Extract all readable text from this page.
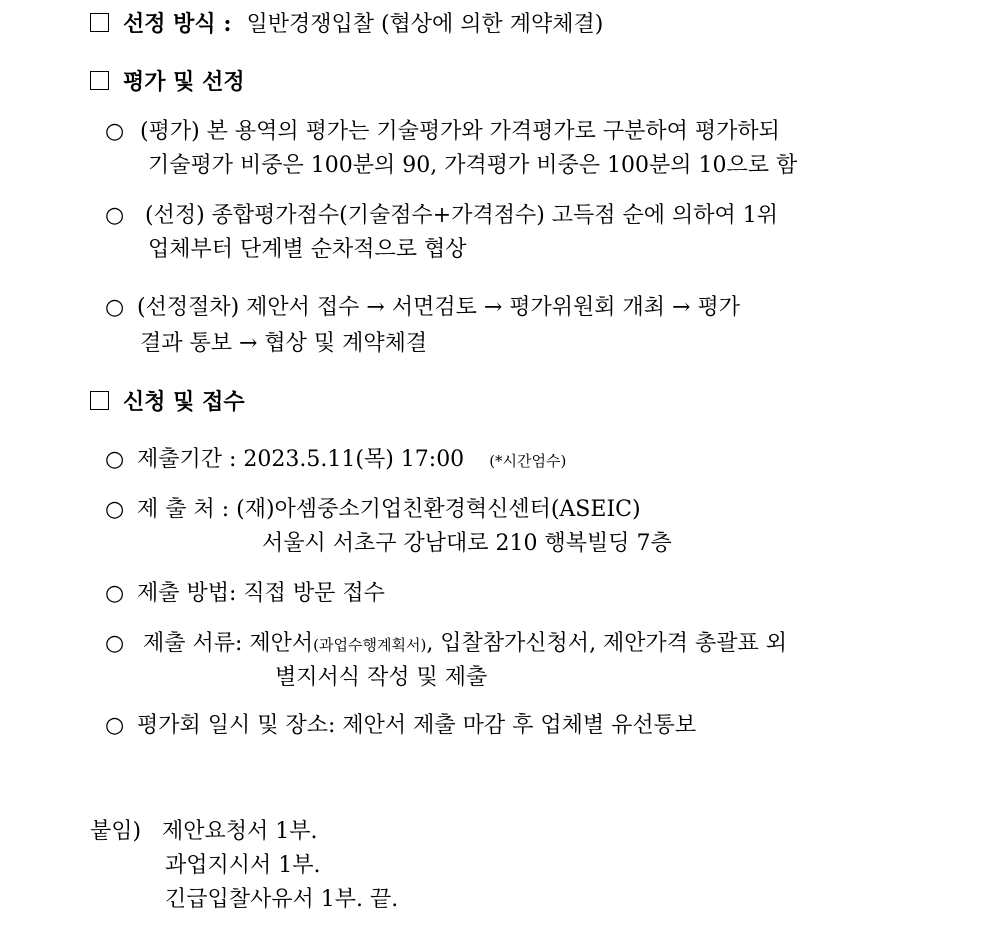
선정 방식 : 일반경쟁입찰 (협상에 의한 계약체결)
평가 및 선정
○ (평가) 본 용역의 평가는 기술평가와 가격평가로 구분하여 평가하되
기술평가 비중은 100분의 90, 가격평가 비중은 100분의 10으로 함
○ (선정) 종합평가점수(기술점수+가격점수) 고득점 순에 의하여 1위
업체부터 단계별 순차적으로 협상
○ (선정절차) 제안서 접수 → 서면검토 → 평가위원회 개최 → 평가
결과 통보 → 협상 및 계약체결
신청 및 접수
○ 제출기간 : 2023.5.11(목) 17:00 (*시간엄수)
○ 제 출 처 : (재)아셈중소기업친환경혁신센터(ASEIC)
서울시 서초구 강남대로 210 행복빌딩 7층
○ 제출 방법: 직접 방문 접수
○ 제출 서류: 제안서(과업수행계획서), 입찰참가신청서, 제안가격 총괄표 외
별지서식 작성 및 제출
○ 평가회 일시 및 장소: 제안서 제출 마감 후 업체별 유선통보
붙임) 제안요청서 1부.
과업지시서 1부.
긴급입찰사유서 1부. 끝.
